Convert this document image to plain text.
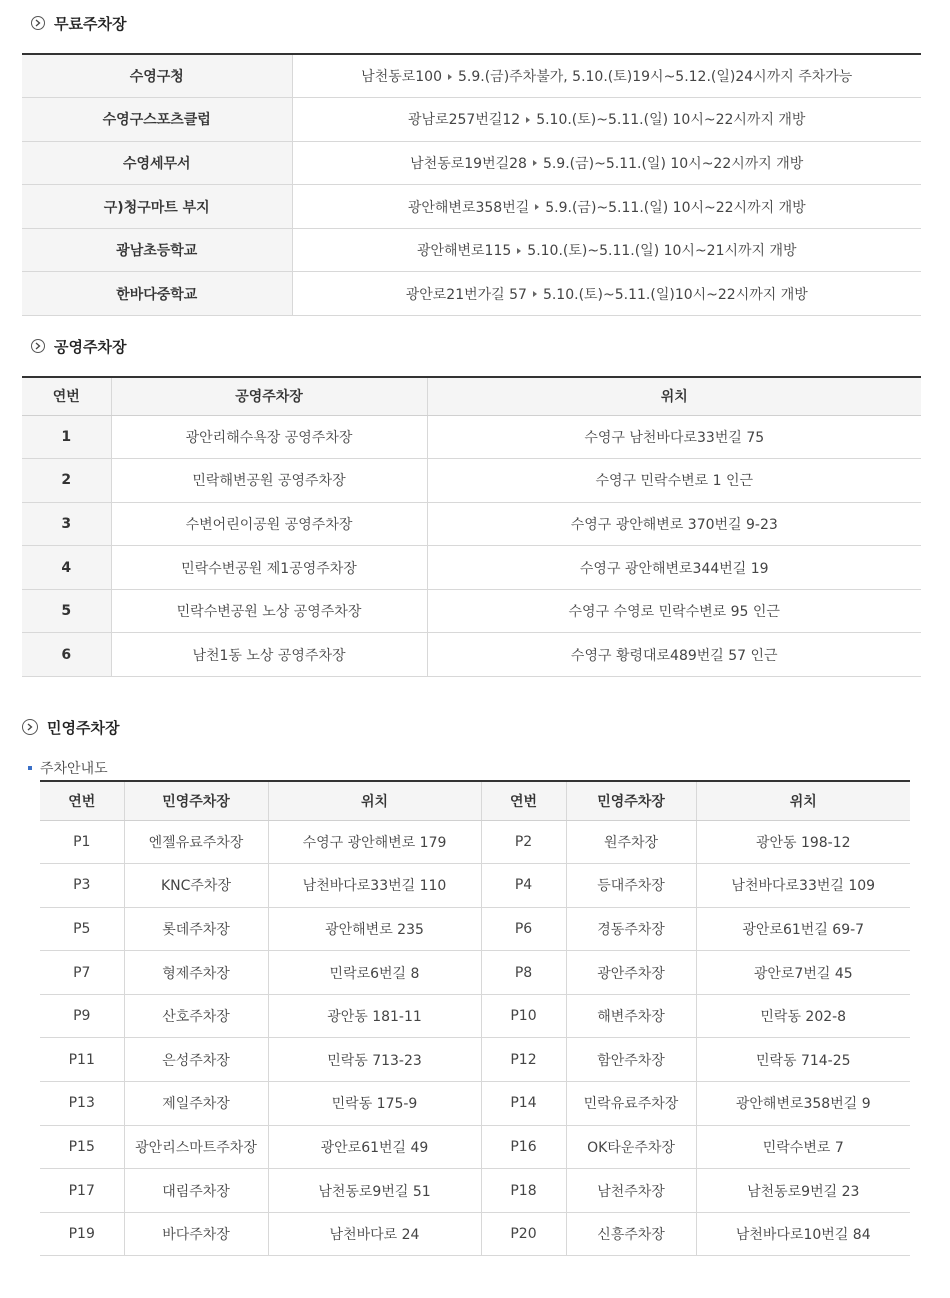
무료주차장
수영구청	남천동로100 5.9.(금)주차불가, 5.10.(토)19시~5.12.(일)24시까지 주차가능
수영구스포츠클럽	광남로257번길12 5.10.(토)~5.11.(일) 10시~22시까지 개방
수영세무서	남천동로19번길28 5.9.(금)~5.11.(일) 10시~22시까지 개방
구)청구마트 부지	광안해변로358번길 5.9.(금)~5.11.(일) 10시~22시까지 개방
광남초등학교	광안해변로115 5.10.(토)~5.11.(일) 10시~21시까지 개방
한바다중학교	광안로21번가길 57 5.10.(토)~5.11.(일)10시~22시까지 개방
공영주차장
연번	공영주차장	위치
1	광안리해수욕장 공영주차장	수영구 남천바다로33번길 75
2	민락해변공원 공영주차장	수영구 민락수변로 1 인근
3	수변어린이공원 공영주차장	수영구 광안해변로 370번길 9-23
4	민락수변공원 제1공영주차장	수영구 광안해변로344번길 19
5	민락수변공원 노상 공영주차장	수영구 수영로 민락수변로 95 인근
6	남천1동 노상 공영주차장	수영구 황령대로489번길 57 인근
민영주차장
주차안내도
연번	민영주차장	위치	연번	민영주차장	위치
P1	엔젤유료주차장	수영구 광안해변로 179	P2	원주차장	광안동 198-12
P3	KNC주차장	남천바다로33번길 110	P4	등대주차장	남천바다로33번길 109
P5	롯데주차장	광안해변로 235	P6	경동주차장	광안로61번길 69-7
P7	형제주차장	민락로6번길 8	P8	광안주차장	광안로7번길 45
P9	산호주차장	광안동 181-11	P10	해변주차장	민락동 202-8
P11	은성주차장	민락동 713-23	P12	함안주차장	민락동 714-25
P13	제일주차장	민락동 175-9	P14	민락유료주차장	광안해변로358번길 9
P15	광안리스마트주차장	광안로61번길 49	P16	OK타운주차장	민락수변로 7
P17	대림주차장	남천동로9번길 51	P18	남천주차장	남천동로9번길 23
P19	바다주차장	남천바다로 24	P20	신흥주차장	남천바다로10번길 84
